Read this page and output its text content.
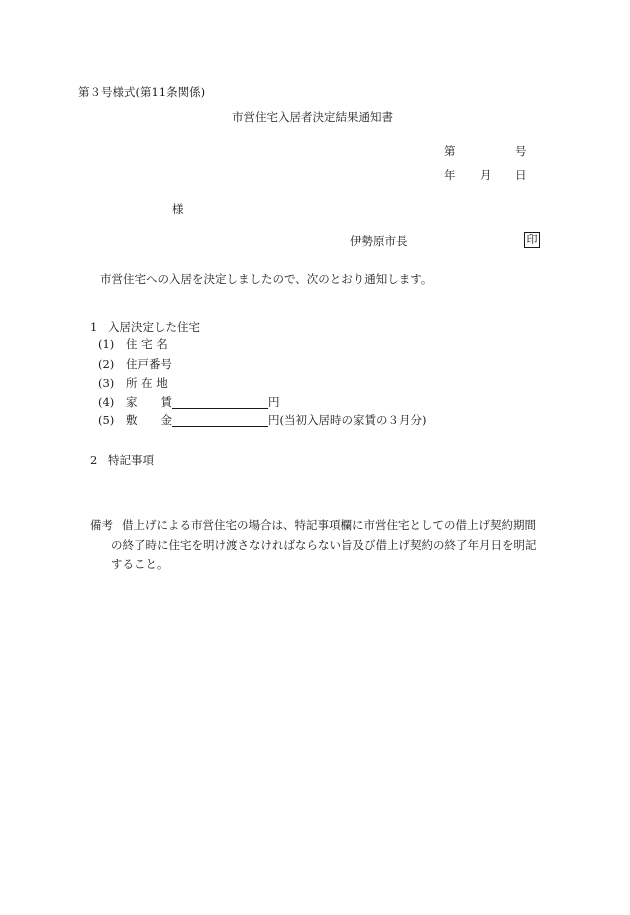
第３号様式(第11条関係)
市営住宅入居者決定結果通知書
第	号
年 月 日
様
伊勢原市長	印
市営住宅への入居を決定しましたので、次のとおり通知します。
1 入居決定した住宅
(1) 住 宅 名
(2) 住戸番号
(3) 所 在 地
(4) 家　　賃	円
(5) 敷　　金	円(当初入居時の家賃の３月分)
2 特記事項
備考 借上げによる市営住宅の場合は、特記事項欄に市営住宅としての借上げ契約期間
の終了時に住宅を明け渡さなければならない旨及び借上げ契約の終了年月日を明記
すること。
